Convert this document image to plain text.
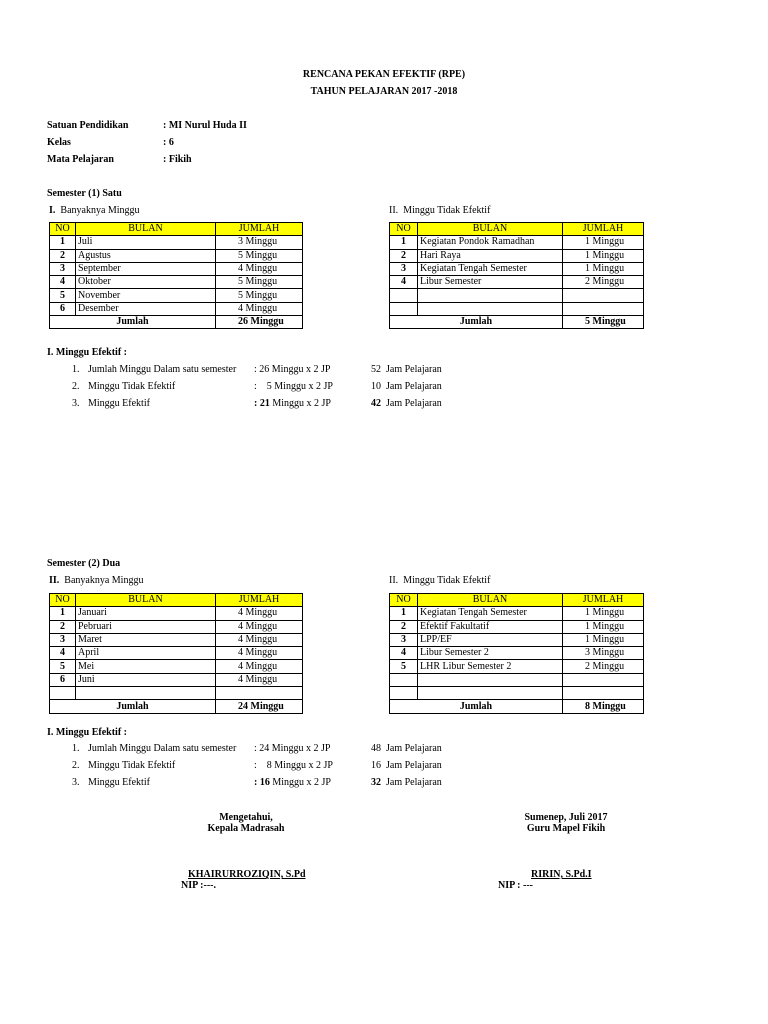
RENCANA PEKAN EFEKTIF (RPE)
TAHUN PELAJARAN 2017 -2018
Satuan Pendidikan	: MI Nurul Huda II
Kelas	: 6
Mata Pelajaran	: Fikih
Semester (1) Satu
I. Banyaknya Minggu	II. Minggu Tidak Efektif
NO	BULAN	JUMLAH
1	Juli	3 Minggu
2	Agustus	5 Minggu
3	September	4 Minggu
4	Oktober	5 Minggu
5	November	5 Minggu
6	Desember	4 Minggu
Jumlah		26 Minggu
NO	BULAN	JUMLAH
1	Kegiatan Pondok Ramadhan	1 Minggu
2	Hari Raya	1 Minggu
3	Kegiatan Tengah Semester	1 Minggu
4	Libur Semester	2 Minggu

Jumlah		5 Minggu
I. Minggu Efektif :
1. Jumlah Minggu Dalam satu semester : 26 Minggu x 2 JP	52 Jam Pelajaran
2. Minggu Tidak Efektif	:    5 Minggu x 2 JP	10 Jam Pelajaran
3. Minggu Efektif	: 21 Minggu x 2 JP	42 Jam Pelajaran
Semester (2) Dua
II. Banyaknya Minggu	II. Minggu Tidak Efektif
NO	BULAN	JUMLAH
1	Januari	4 Minggu
2	Pebruari	4 Minggu
3	Maret	4 Minggu
4	April	4 Minggu
5	Mei	4 Minggu
6	Juni	4 Minggu

Jumlah		24 Minggu
NO	BULAN	JUMLAH
1	Kegiatan Tengah Semester	1 Minggu
2	Efektif Fakultatif	1 Minggu
3	LPP/EF	1 Minggu
4	Libur Semester 2	3 Minggu
5	LHR Libur Semester 2	2 Minggu

Jumlah		8 Minggu
I. Minggu Efektif :
1. Jumlah Minggu Dalam satu semester : 24 Minggu x 2 JP	48 Jam Pelajaran
2. Minggu Tidak Efektif	:    8 Minggu x 2 JP	16 Jam Pelajaran
3. Minggu Efektif	: 16 Minggu x 2 JP	32 Jam Pelajaran
Mengetahui,
Kepala Madrasah
Sumenep, Juli 2017
Guru Mapel Fikih
KHAIRURROZIQIN, S.Pd
NIP :---.
RIRIN, S.Pd.I
NIP : ---
